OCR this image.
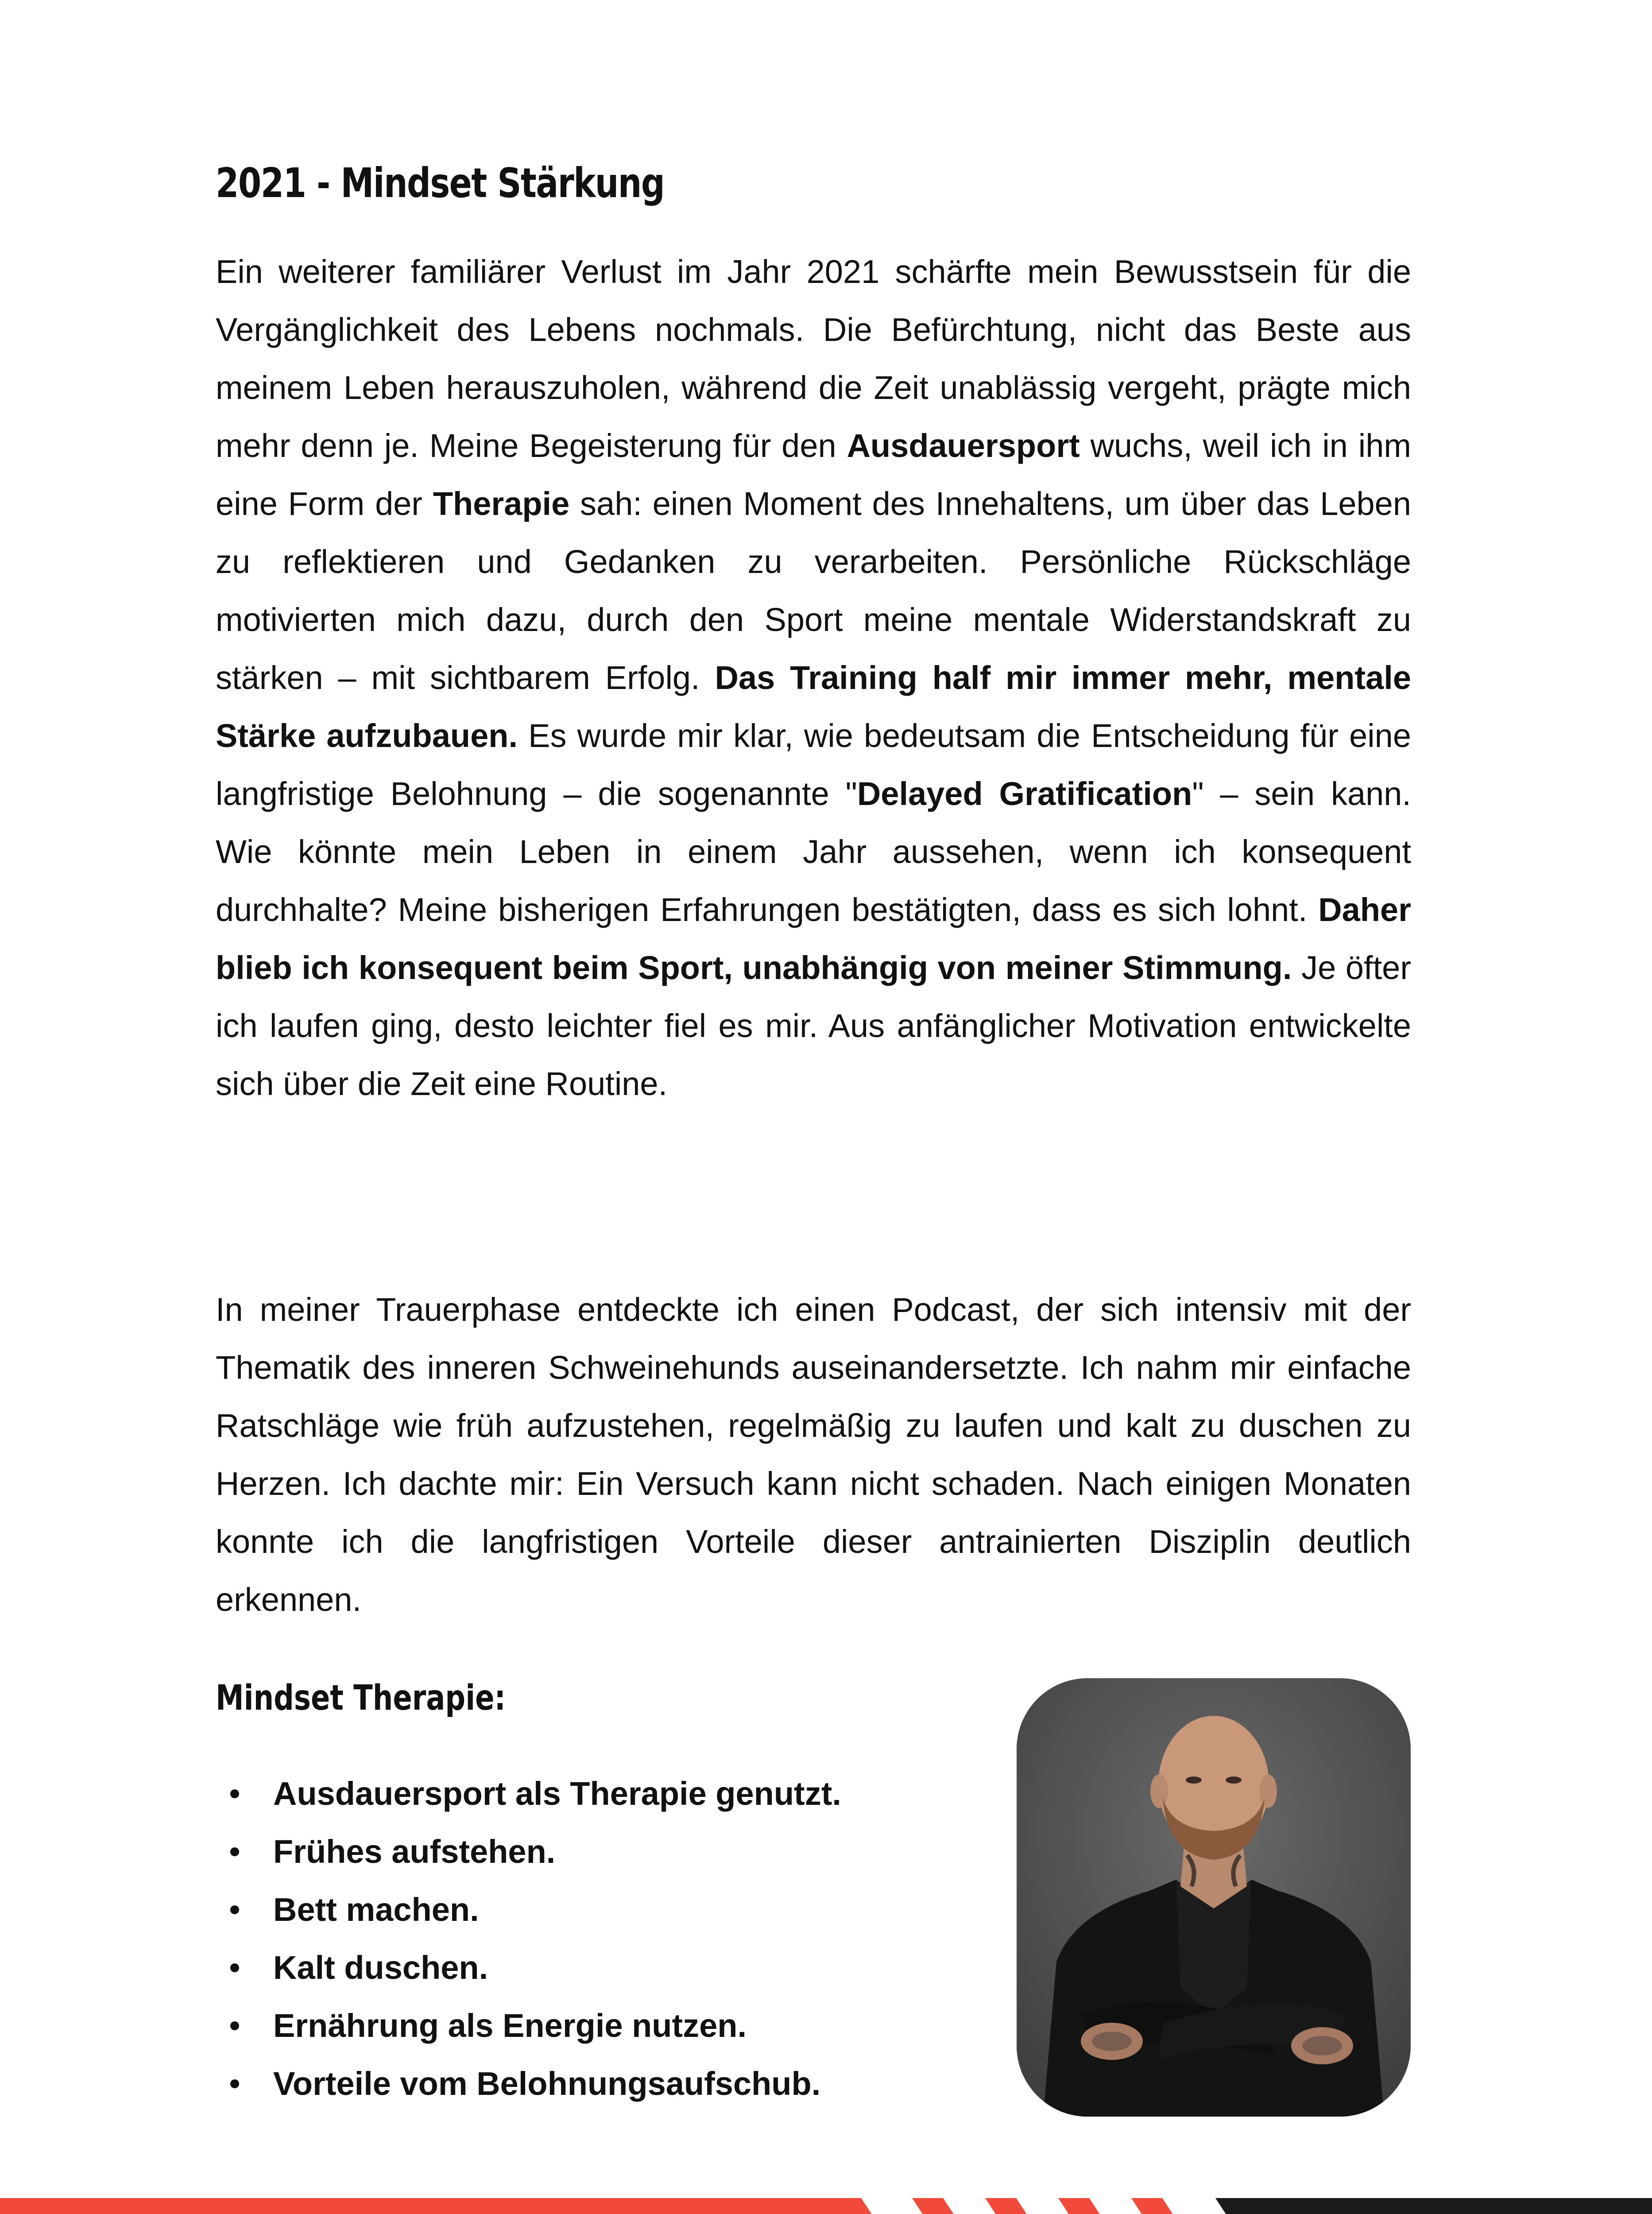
2021 - Mindset Stärkung

Ein weiterer familiärer Verlust im Jahr 2021 schärfte mein Bewusstsein für die Vergänglichkeit des Lebens nochmals. Die Befürchtung, nicht das Beste aus meinem Leben herauszuholen, während die Zeit unablässig vergeht, prägte mich mehr denn je. Meine Begeisterung für den Ausdauersport wuchs, weil ich in ihm eine Form der Therapie sah: einen Moment des Innehaltens, um über das Leben zu reflektieren und Gedanken zu verarbeiten. Persönliche Rückschläge motivierten mich dazu, durch den Sport meine mentale Widerstandskraft zu stärken – mit sichtbarem Erfolg. Das Training half mir immer mehr, mentale Stärke aufzubauen. Es wurde mir klar, wie bedeutsam die Entscheidung für eine langfristige Belohnung – die sogenannte "Delayed Gratification" – sein kann. Wie könnte mein Leben in einem Jahr aussehen, wenn ich konsequent durchhalte? Meine bisherigen Erfahrungen bestätigten, dass es sich lohnt. Daher blieb ich konsequent beim Sport, unabhängig von meiner Stimmung. Je öfter ich laufen ging, desto leichter fiel es mir. Aus anfänglicher Motivation entwickelte sich über die Zeit eine Routine.

In meiner Trauerphase entdeckte ich einen Podcast, der sich intensiv mit der Thematik des inneren Schweinehunds auseinandersetzte. Ich nahm mir einfache Ratschläge wie früh aufzustehen, regelmäßig zu laufen und kalt zu duschen zu Herzen. Ich dachte mir: Ein Versuch kann nicht schaden. Nach einigen Monaten konnte ich die langfristigen Vorteile dieser antrainierten Disziplin deutlich erkennen.

Mindset Therapie:
Ausdauersport als Therapie genutzt.
Frühes aufstehen.
Bett machen.
Kalt duschen.
Ernährung als Energie nutzen.
Vorteile vom Belohnungsaufschub.
